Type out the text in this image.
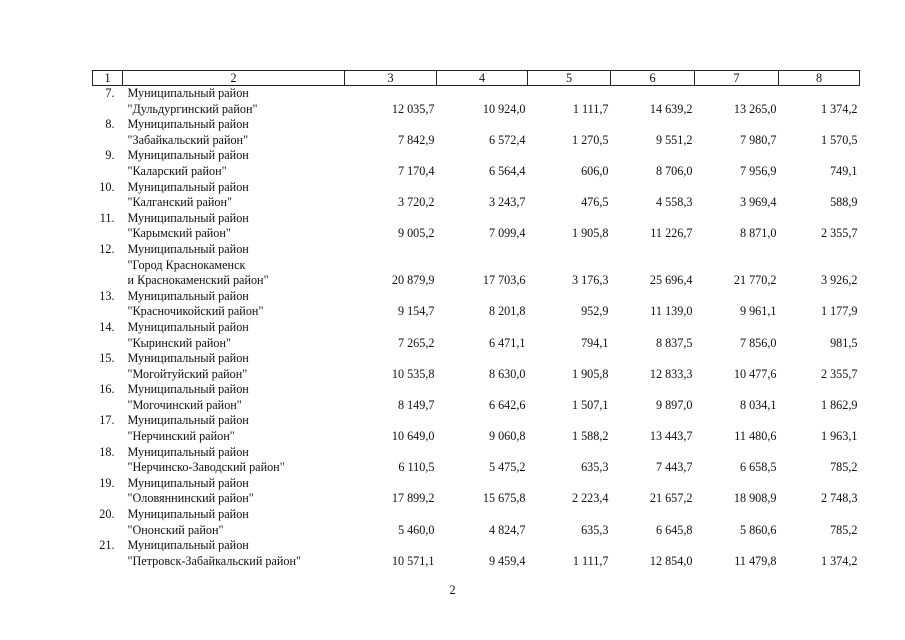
1	2	3	4	5	6	7	8
7.	Муниципальный район
"Дульдургинский район"	12 035,7	10 924,0	1 111,7	14 639,2	13 265,0	1 374,2
8.	Муниципальный район
"Забайкальский район"	7 842,9	6 572,4	1 270,5	9 551,2	7 980,7	1 570,5
9.	Муниципальный район
"Каларский район"	7 170,4	6 564,4	606,0	8 706,0	7 956,9	749,1
10.	Муниципальный район
"Калганский район"	3 720,2	3 243,7	476,5	4 558,3	3 969,4	588,9
11.	Муниципальный район
"Карымский район"	9 005,2	7 099,4	1 905,8	11 226,7	8 871,0	2 355,7
12.	Муниципальный район
"Город Краснокаменск
и Краснокаменский район"	20 879,9	17 703,6	3 176,3	25 696,4	21 770,2	3 926,2
13.	Муниципальный район
"Красночикойский район"	9 154,7	8 201,8	952,9	11 139,0	9 961,1	1 177,9
14.	Муниципальный район
"Кыринский район"	7 265,2	6 471,1	794,1	8 837,5	7 856,0	981,5
15.	Муниципальный район
"Могойтуйский район"	10 535,8	8 630,0	1 905,8	12 833,3	10 477,6	2 355,7
16.	Муниципальный район
"Могочинский район"	8 149,7	6 642,6	1 507,1	9 897,0	8 034,1	1 862,9
17.	Муниципальный район
"Нерчинский район"	10 649,0	9 060,8	1 588,2	13 443,7	11 480,6	1 963,1
18.	Муниципальный район
"Нерчинско-Заводский район"	6 110,5	5 475,2	635,3	7 443,7	6 658,5	785,2
19.	Муниципальный район
"Оловяннинский район"	17 899,2	15 675,8	2 223,4	21 657,2	18 908,9	2 748,3
20.	Муниципальный район
"Ононский район"	5 460,0	4 824,7	635,3	6 645,8	5 860,6	785,2
21.	Муниципальный район
"Петровск-Забайкальский район"	10 571,1	9 459,4	1 111,7	12 854,0	11 479,8	1 374,2
2
